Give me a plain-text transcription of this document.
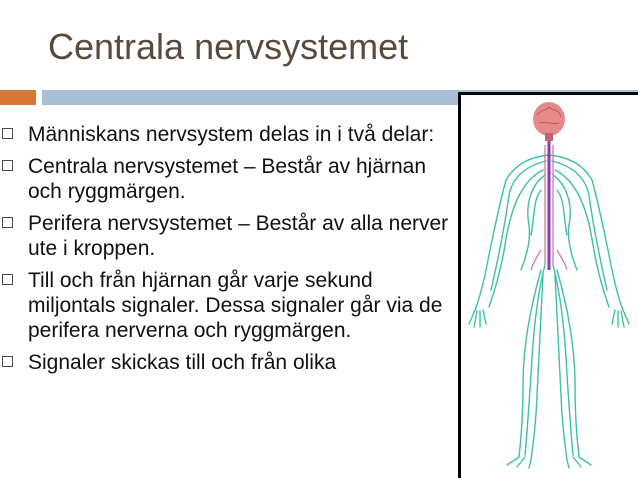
Centrala nervsystemet
Människans nervsystem delas in i två delar:
Centrala nervsystemet – Består av hjärnan och ryggmärgen.
Perifera nervsystemet – Består av alla nerver ute i kroppen.
Till och från hjärnan går varje sekund miljontals signaler. Dessa signaler går via de perifera nerverna och ryggmärgen.
Signaler skickas till och från olika
